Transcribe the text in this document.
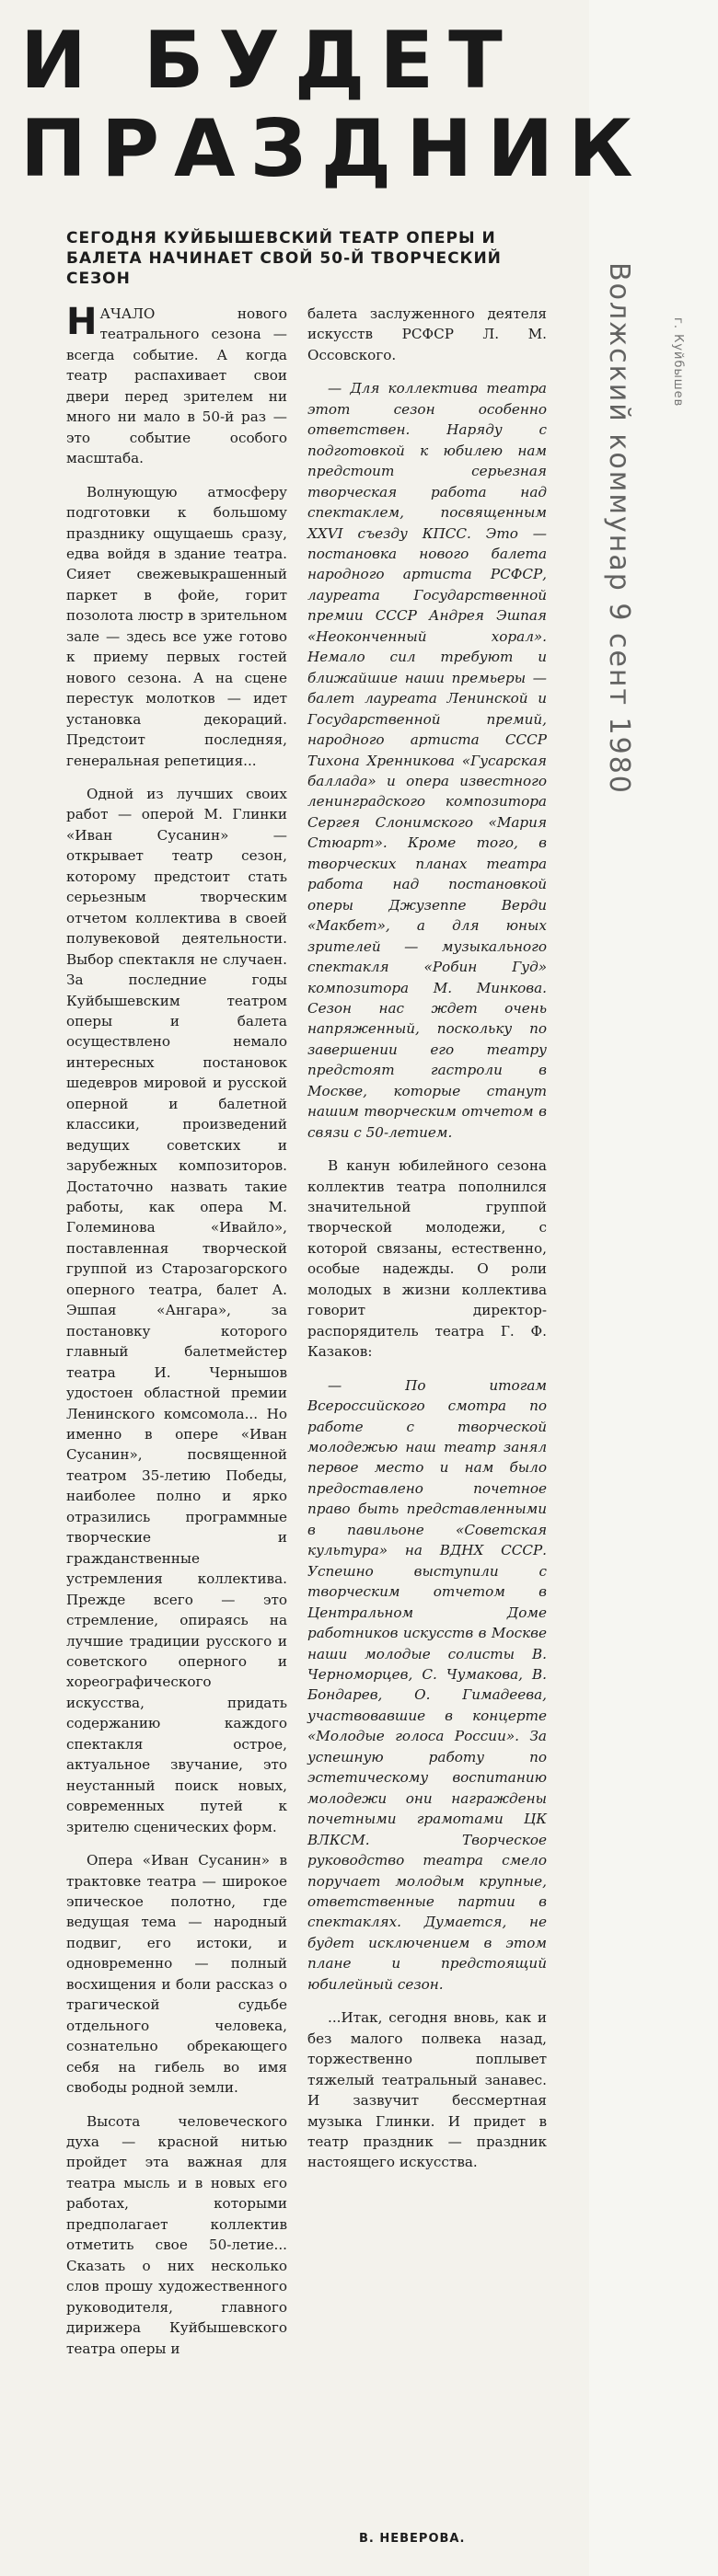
И БУДЕТ
ПРАЗДНИК

СЕГОДНЯ КУЙБЫШЕВСКИЙ ТЕАТР ОПЕРЫ И БАЛЕТА НАЧИНАЕТ СВОЙ 50-Й ТВОРЧЕСКИЙ СЕЗОН

НАЧАЛО нового театрального сезона — всегда событие. А когда театр распахивает свои двери перед зрителем ни много ни мало в 50-й раз — это событие особого масштаба.

Волнующую атмосферу подготовки к большому празднику ощущаешь сразу, едва войдя в здание театра. Сияет свежевыкрашенный паркет в фойе, горит позолота люстр в зрительном зале — здесь все уже готово к приему первых гостей нового сезона. А на сцене перестук молотков — идет установка декораций. Предстоит последняя, генеральная репетиция...

Одной из лучших своих работ — оперой М. Глинки «Иван Сусанин» — открывает театр сезон, которому предстоит стать серьезным творческим отчетом коллектива в своей полувековой деятельности. Выбор спектакля не случаен. За последние годы Куйбышевским театром оперы и балета осуществлено немало интересных постановок шедевров мировой и русской оперной и балетной классики, произведений ведущих советских и зарубежных композиторов. Достаточно назвать такие работы, как опера М. Големинова «Ивайло», поставленная творческой группой из Старозагорского оперного театра, балет А. Эшпая «Ангара», за постановку которого главный балетмейстер театра И. Чернышов удостоен областной премии Ленинского комсомола... Но именно в опере «Иван Сусанин», посвященной театром 35-летию Победы, наиболее полно и ярко отразились программные творческие и гражданственные устремления коллектива. Прежде всего — это стремление, опираясь на лучшие традиции русского и советского оперного и хореографического искусства, придать содержанию каждого спектакля острое, актуальное звучание, это неустанный поиск новых, современных путей к зрителю сценических форм.

Опера «Иван Сусанин» в трактовке театра — широкое эпическое полотно, где ведущая тема — народный подвиг, его истоки, и одновременно — полный восхищения и боли рассказ о трагической судьбе отдельного человека, сознательно обрекающего себя на гибель во имя свободы родной земли.

Высота человеческого духа — красной нитью пройдет эта важная для театра мысль и в новых его работах, которыми предполагает коллектив отметить свое 50-летие... Сказать о них несколько слов прошу художественного руководителя, главного дирижера Куйбышевского театра оперы и

балета заслуженного деятеля искусств РСФСР Л. М. Оссовского.

— Для коллектива театра этот сезон особенно ответствен. Наряду с подготовкой к юбилею нам предстоит серьезная творческая работа над спектаклем, посвященным XXVI съезду КПСС. Это — постановка нового балета народного артиста РСФСР, лауреата Государственной премии СССР Андрея Эшпая «Неоконченный хорал». Немало сил требуют и ближайшие наши премьеры — балет лауреата Ленинской и Государственной премий, народного артиста СССР Тихона Хренникова «Гусарская баллада» и опера известного ленинградского композитора Сергея Слонимского «Мария Стюарт». Кроме того, в творческих планах театра работа над постановкой оперы Джузеппе Верди «Макбет», а для юных зрителей — музыкального спектакля «Робин Гуд» композитора М. Минкова. Сезон нас ждет очень напряженный, поскольку по завершении его театру предстоят гастроли в Москве, которые станут нашим творческим отчетом в связи с 50-летием.

В канун юбилейного сезона коллектив театра пополнился значительной группой творческой молодежи, с которой связаны, естественно, особые надежды. О роли молодых в жизни коллектива говорит директор-распорядитель театра Г. Ф. Казаков:

— По итогам Всероссийского смотра по работе с творческой молодежью наш театр занял первое место и нам было предоставлено почетное право быть представленными в павильоне «Советская культура» на ВДНХ СССР. Успешно выступили с творческим отчетом в Центральном Доме работников искусств в Москве наши молодые солисты В. Черноморцев, С. Чумакова, В. Бондарев, О. Гимадеева, участвовавшие в концерте «Молодые голоса России». За успешную работу по эстетическому воспитанию молодежи они награждены почетными грамотами ЦК ВЛКСМ. Творческое руководство театра смело поручает молодым крупные, ответственные партии в спектаклях. Думается, не будет исключением в этом плане и предстоящий юбилейный сезон.

...Итак, сегодня вновь, как и без малого полвека назад, торжественно поплывет тяжелый театральный занавес. И зазвучит бессмертная музыка Глинки. И придет в театр праздник — праздник настоящего искусства.

В. НЕВЕРОВА.

Волжский коммунар 9 сент 1980	г. Куйбышев
